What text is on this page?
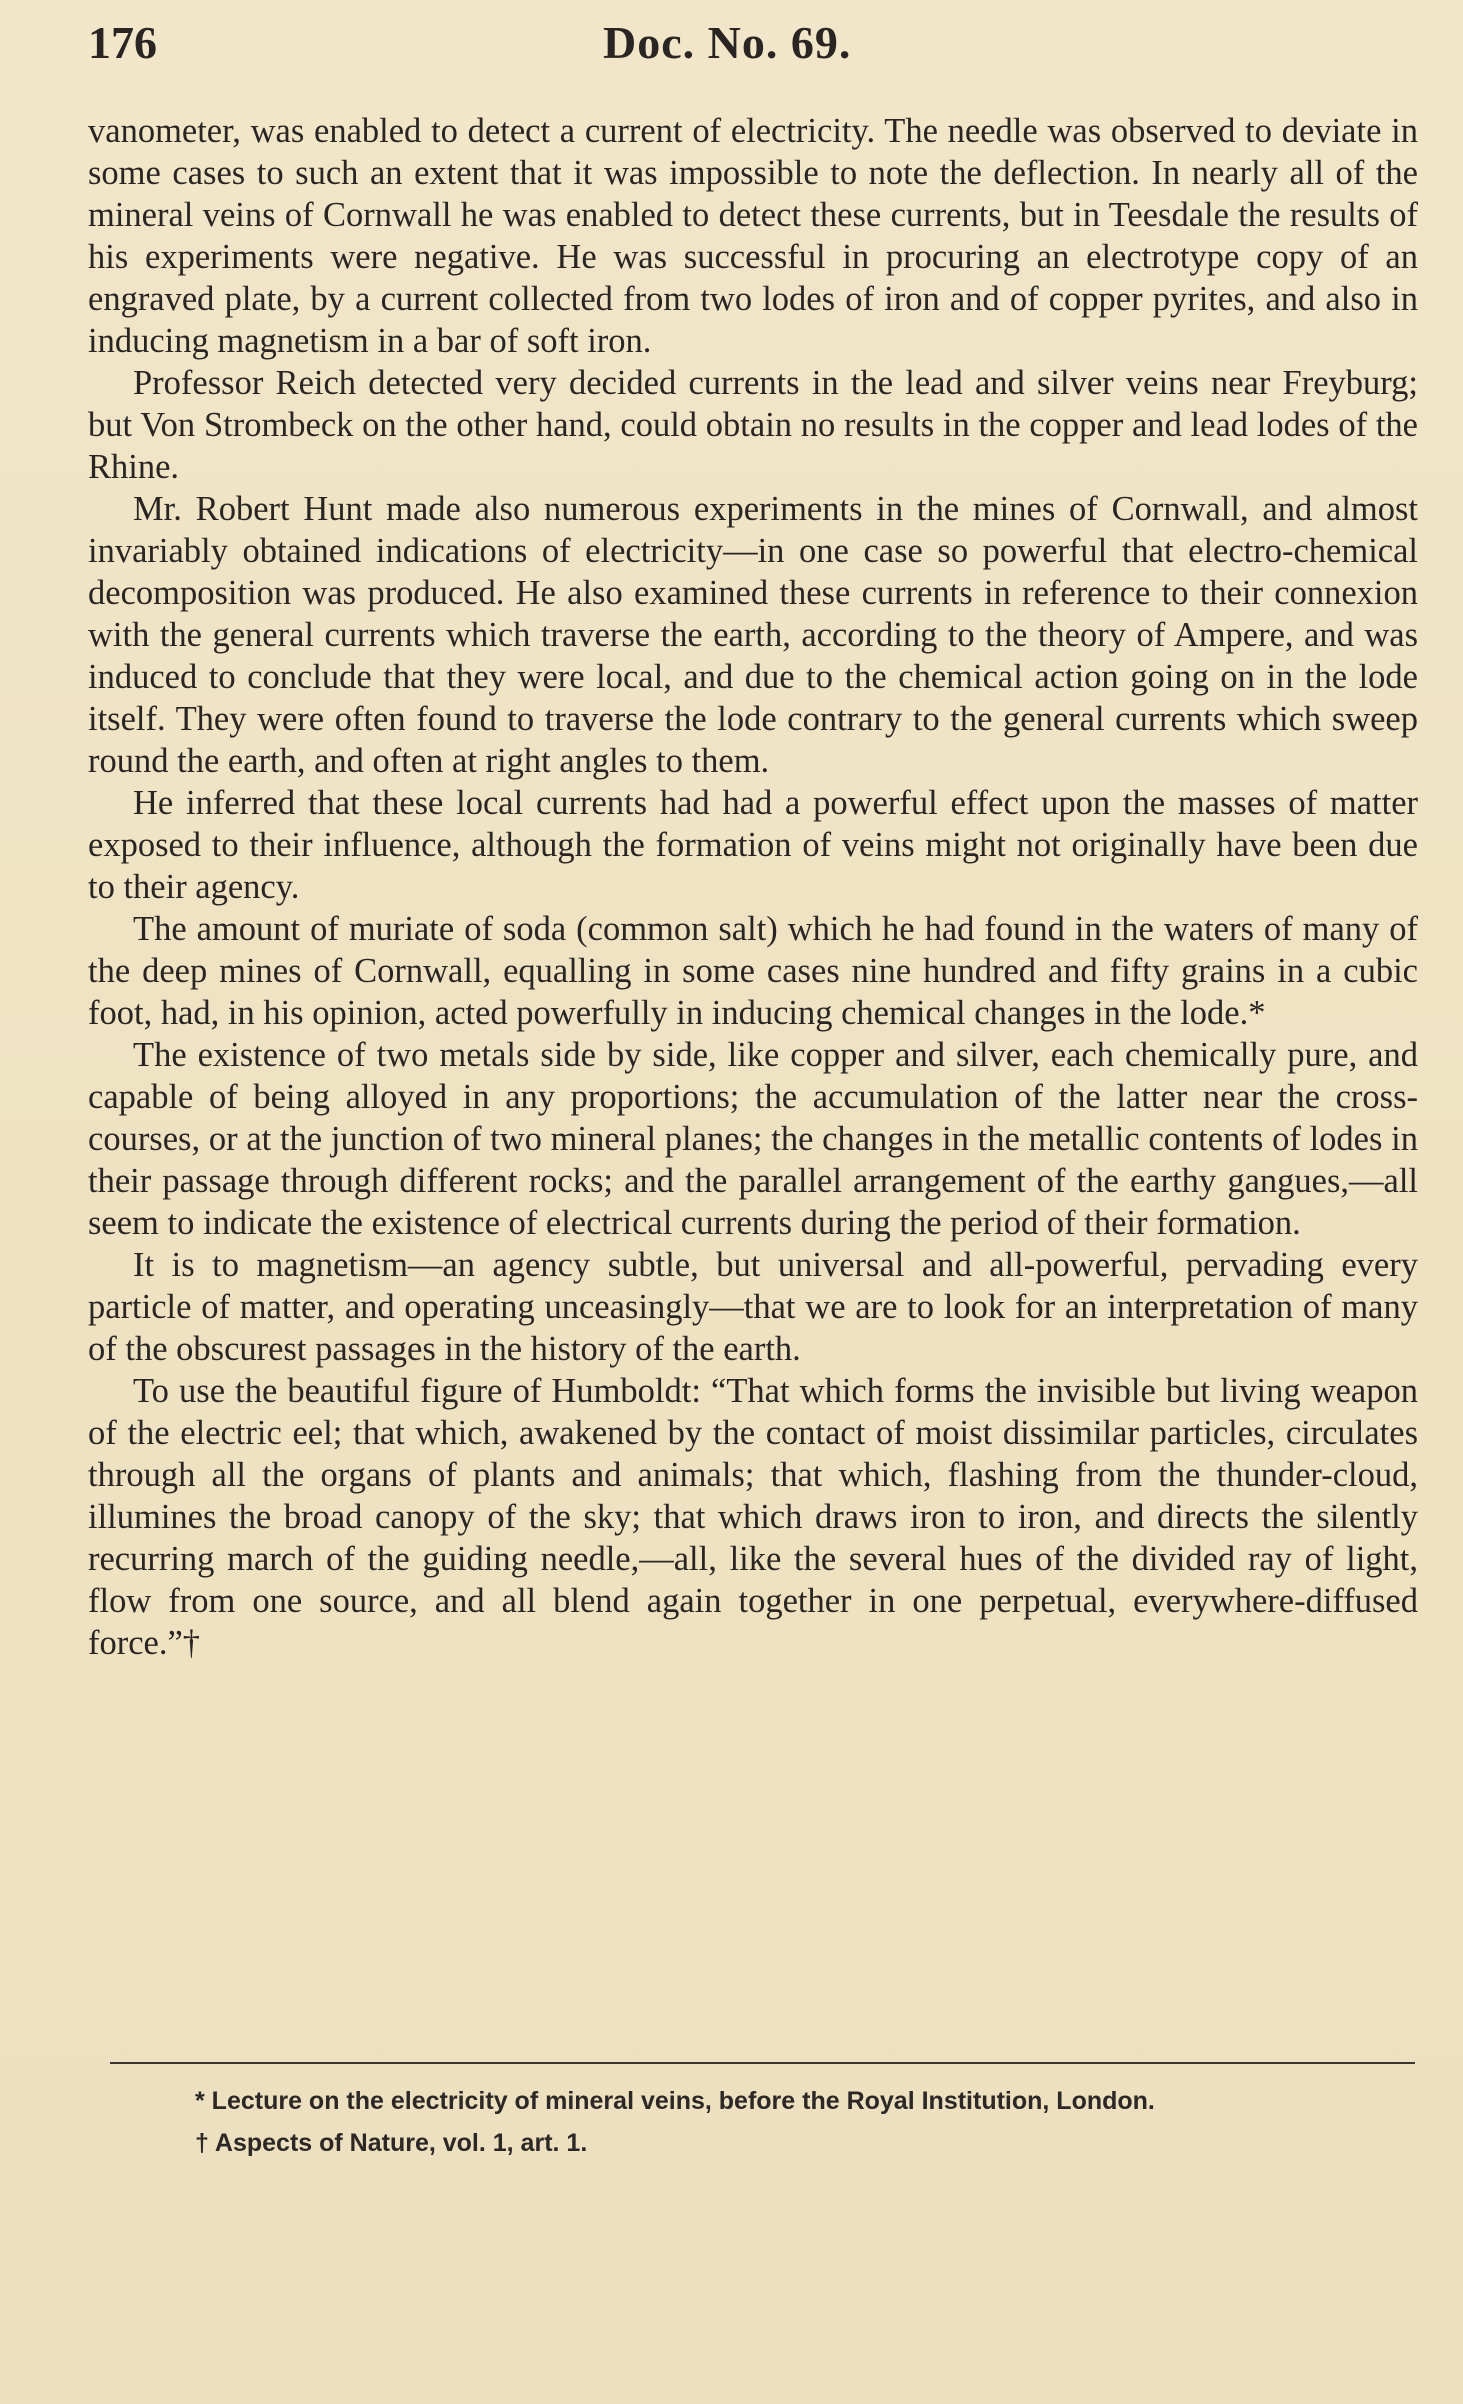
176	Doc. No. 69.

vanometer, was enabled to detect a current of electricity. The needle was observed to deviate in some cases to such an extent that it was impossible to note the deflection. In nearly all of the mineral veins of Cornwall he was enabled to detect these currents, but in Teesdale the results of his experiments were negative. He was successful in procuring an electrotype copy of an engraved plate, by a current collected from two lodes of iron and of copper pyrites, and also in inducing magnetism in a bar of soft iron.

Professor Reich detected very decided currents in the lead and silver veins near Freyburg; but Von Strombeck on the other hand, could obtain no results in the copper and lead lodes of the Rhine.

Mr. Robert Hunt made also numerous experiments in the mines of Cornwall, and almost invariably obtained indications of electricity—in one case so powerful that electro-chemical decomposition was produced. He also examined these currents in reference to their connexion with the general currents which traverse the earth, according to the theory of Ampere, and was induced to conclude that they were local, and due to the chemical action going on in the lode itself. They were often found to traverse the lode contrary to the general currents which sweep round the earth, and often at right angles to them.

He inferred that these local currents had had a powerful effect upon the masses of matter exposed to their influence, although the formation of veins might not originally have been due to their agency.

The amount of muriate of soda (common salt) which he had found in the waters of many of the deep mines of Cornwall, equalling in some cases nine hundred and fifty grains in a cubic foot, had, in his opinion, acted powerfully in inducing chemical changes in the lode.*

The existence of two metals side by side, like copper and silver, each chemically pure, and capable of being alloyed in any proportions; the accumulation of the latter near the cross-courses, or at the junction of two mineral planes; the changes in the metallic contents of lodes in their passage through different rocks; and the parallel arrangement of the earthy gangues,—all seem to indicate the existence of electrical currents during the period of their formation.

It is to magnetism—an agency subtle, but universal and all-powerful, pervading every particle of matter, and operating unceasingly—that we are to look for an interpretation of many of the obscurest passages in the history of the earth.

To use the beautiful figure of Humboldt: “That which forms the invisible but living weapon of the electric eel; that which, awakened by the contact of moist dissimilar particles, circulates through all the organs of plants and animals; that which, flashing from the thunder-cloud, illumines the broad canopy of the sky; that which draws iron to iron, and directs the silently recurring march of the guiding needle,—all, like the several hues of the divided ray of light, flow from one source, and all blend again together in one perpetual, everywhere-diffused force.”†

* Lecture on the electricity of mineral veins, before the Royal Institution, London.
† Aspects of Nature, vol. 1, art. 1.
